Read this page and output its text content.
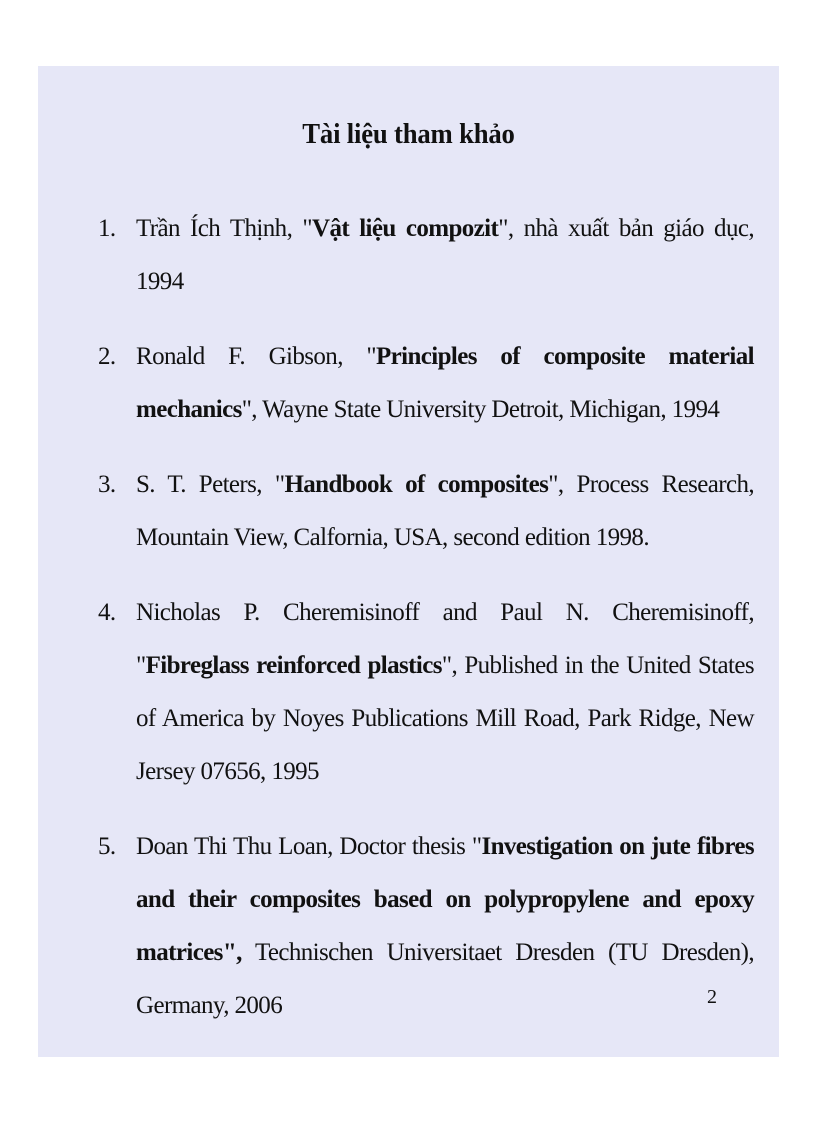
Tài liệu tham khảo
1. Trần Ích Thịnh, "Vật liệu compozit", nhà xuất bản giáo dục, 1994
2. Ronald F. Gibson, "Principles of composite material mechanics", Wayne State University Detroit, Michigan, 1994
3. S. T. Peters, "Handbook of composites", Process Research, Mountain View, Calfornia, USA, second edition 1998.
4. Nicholas P. Cheremisinoff and Paul N. Cheremisinoff, "Fibreglass reinforced plastics", Published in the United States of America by Noyes Publications Mill Road, Park Ridge, New Jersey 07656, 1995
5. Doan Thi Thu Loan, Doctor thesis "Investigation on jute fibres and their composites based on polypropylene and epoxy matrices", Technischen Universitaet Dresden (TU Dresden), Germany, 2006	2
